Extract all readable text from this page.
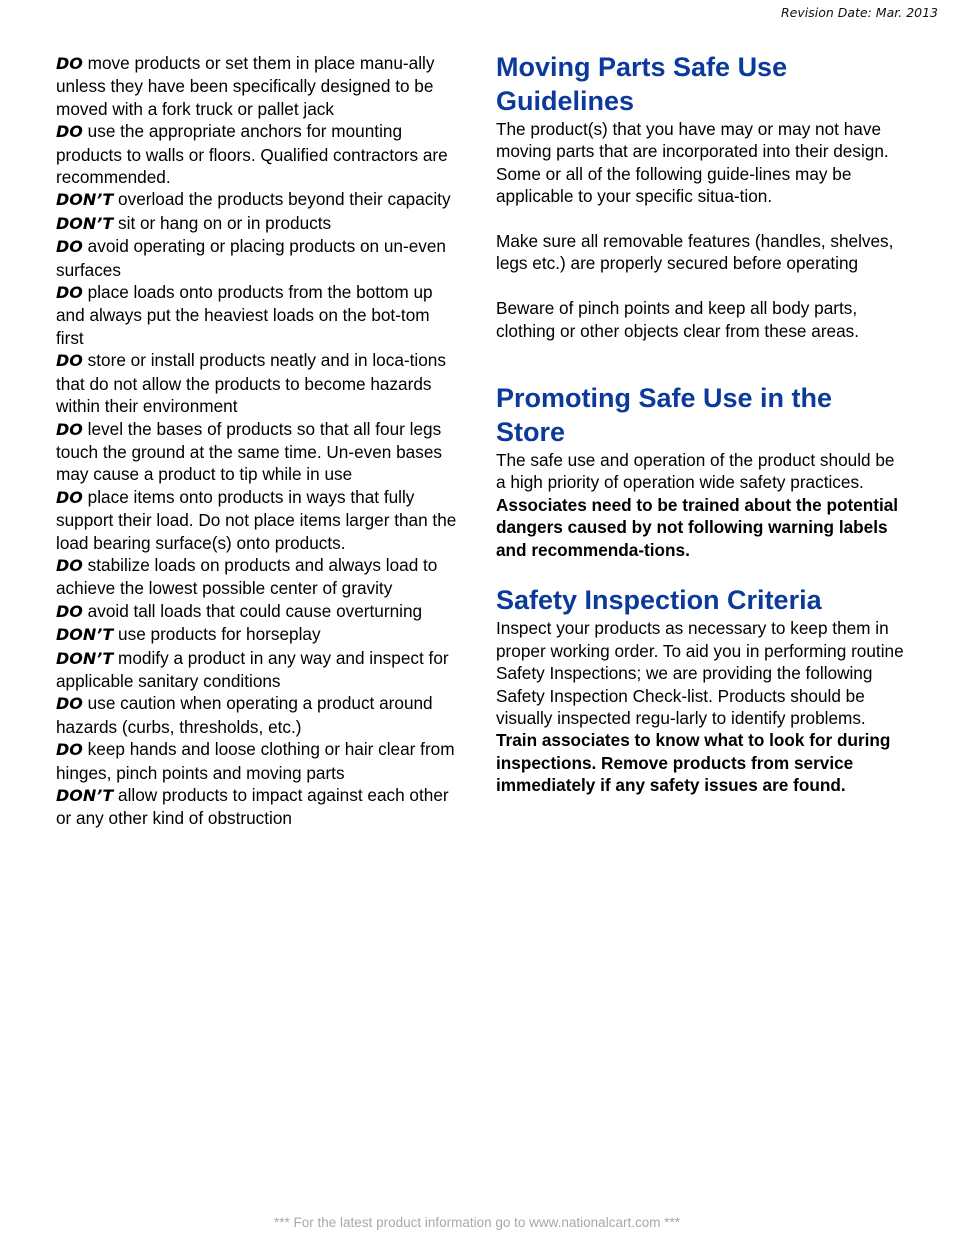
Revision Date: Mar. 2013

DO move products or set them in place manu-ally unless they have been specifically designed to be moved with a fork truck or pallet jack

DO use the appropriate anchors for mounting products to walls or floors. Qualified contractors are recommended.

DON’T overload the products beyond their capacity

DON’T sit or hang on or in products

DO avoid operating or placing products on un-even surfaces

DO place loads onto products from the bottom up and always put the heaviest loads on the bot-tom first

DO store or install products neatly and in loca-tions that do not allow the products to become hazards within their environment

DO level the bases of products so that all four legs touch the ground at the same time. Un-even bases may cause a product to tip while in use

DO place items onto products in ways that fully support their load. Do not place items larger than the load bearing surface(s) onto products.

DO stabilize loads on products and always load to achieve the lowest possible center of gravity

DO avoid tall loads that could cause overturning

DON’T use products for horseplay

DON’T modify a product in any way and inspect for applicable sanitary conditions

DO use caution when operating a product around hazards (curbs, thresholds, etc.)

DO keep hands and loose clothing or hair clear from hinges, pinch points and moving parts

DON’T allow products to impact against each other or any other kind of obstruction

Moving Parts Safe Use Guidelines

The product(s) that you have may or may not have moving parts that are incorporated into their design. Some or all of the following guide-lines may be applicable to your specific situa-tion.

Make sure all removable features (handles, shelves, legs etc.) are properly secured before operating

Beware of pinch points and keep all body parts, clothing or other objects clear from these areas.

Promoting Safe Use in the Store

The safe use and operation of the product should be a high priority of operation wide safety practices. Associates need to be trained about the potential dangers caused by not following warning labels and recommenda-tions.

Safety Inspection Criteria

Inspect your products as necessary to keep them in proper working order. To aid you in performing routine Safety Inspections; we are providing the following Safety Inspection Check-list. Products should be visually inspected regu-larly to identify problems. Train associates to know what to look for during inspections. Remove products from service immediately if any safety issues are found.

*** For the latest product information go to www.nationalcart.com ***
